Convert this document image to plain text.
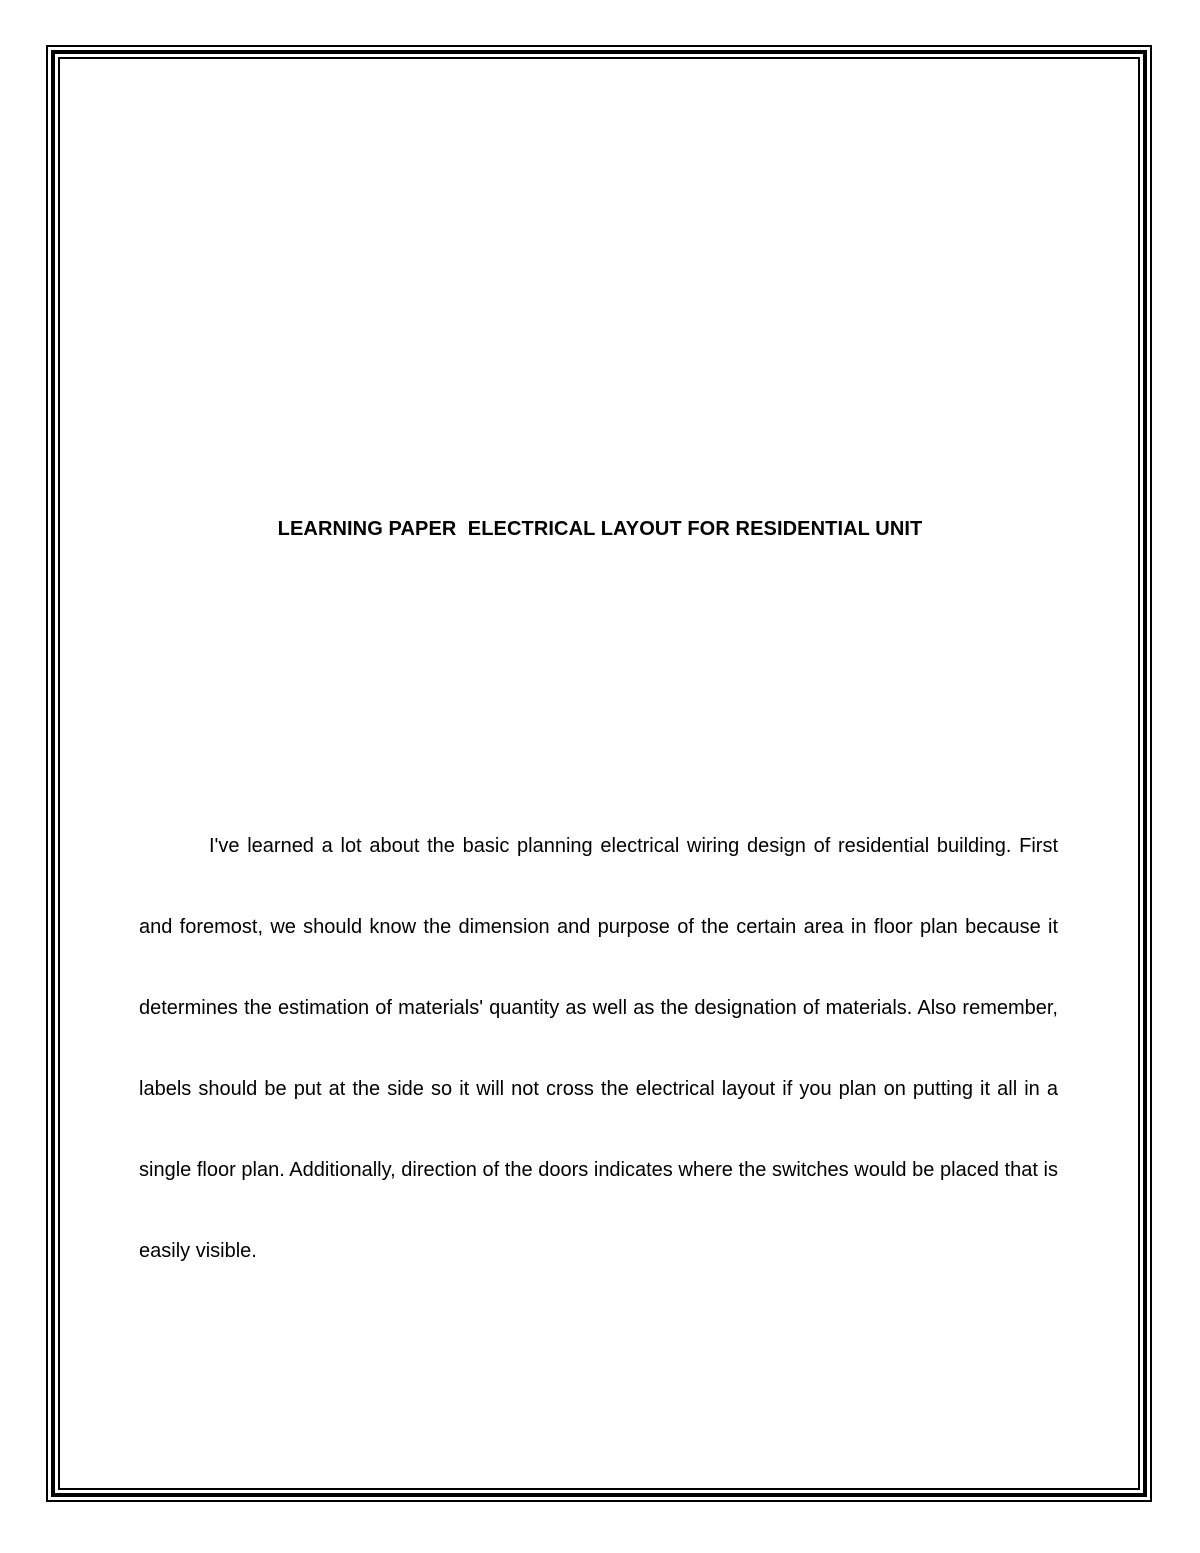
LEARNING PAPER  ELECTRICAL LAYOUT FOR RESIDENTIAL UNIT

I've learned a lot about the basic planning electrical wiring design of residential building. First and foremost, we should know the dimension and purpose of the certain area in floor plan because it determines the estimation of materials' quantity as well as the designation of materials. Also remember, labels should be put at the side so it will not cross the electrical layout if you plan on putting it all in a single floor plan. Additionally, direction of the doors indicates where the switches would be placed that is easily visible.
